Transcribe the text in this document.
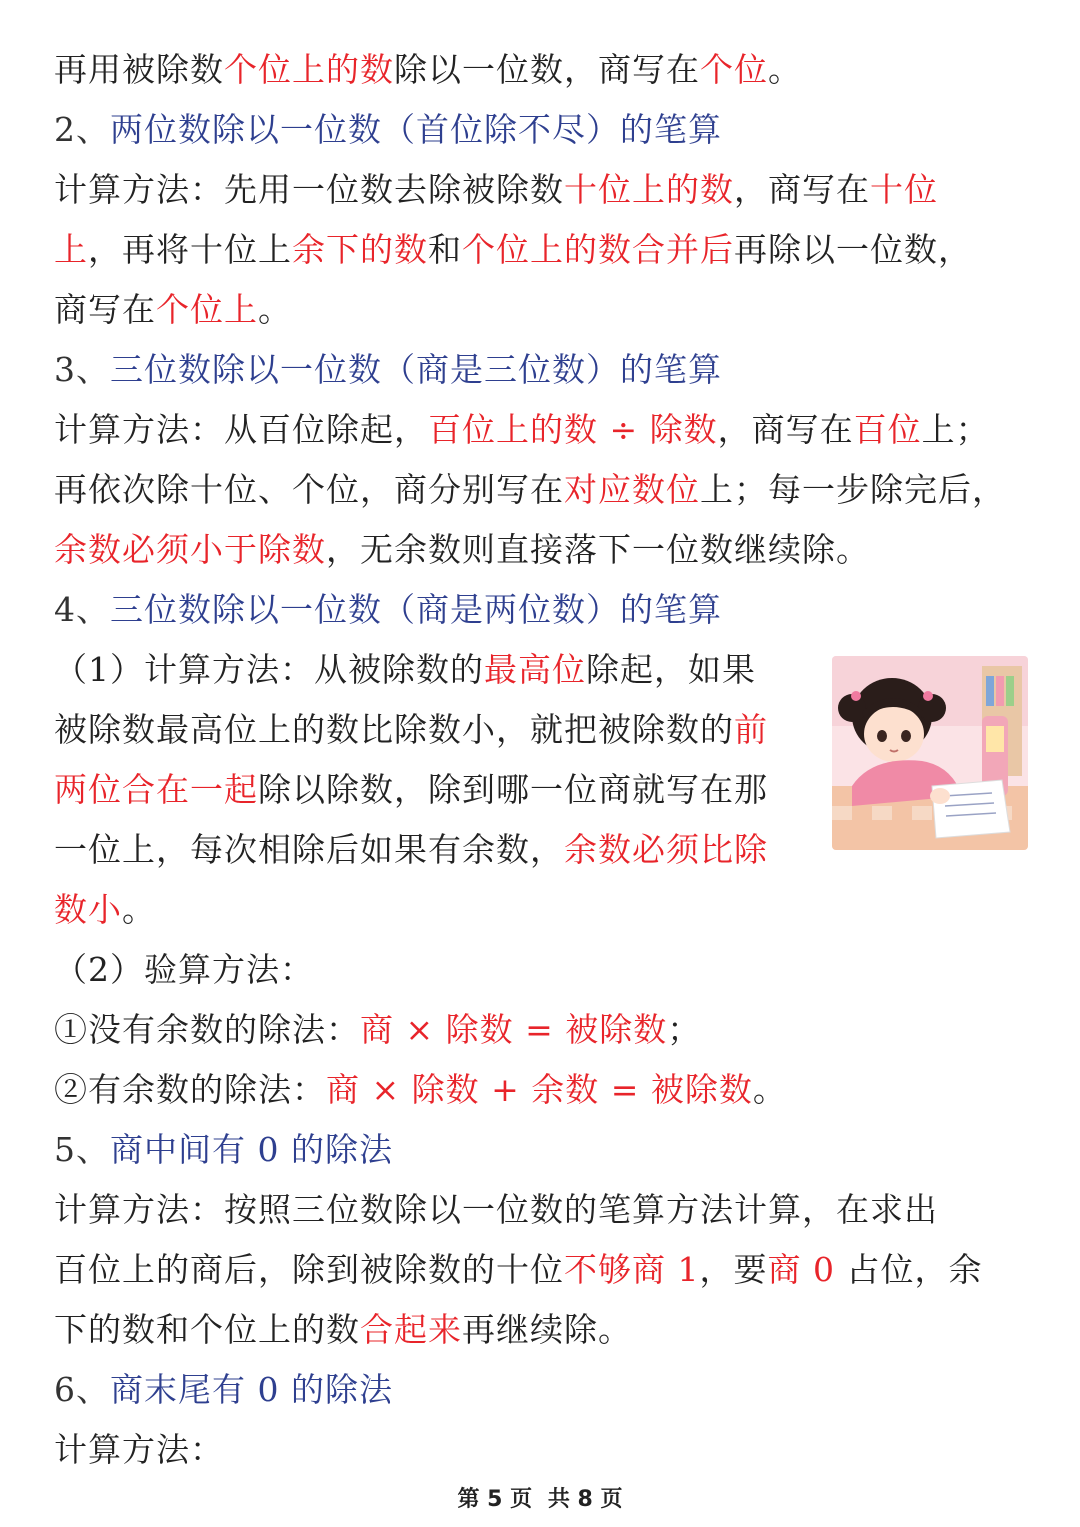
再用被除数个位上的数除以一位数，商写在个位。
2、两位数除以一位数（首位除不尽）的笔算
计算方法：先用一位数去除被除数十位上的数，商写在十位
上，再将十位上余下的数和个位上的数合并后再除以一位数，
商写在个位上。
3、三位数除以一位数（商是三位数）的笔算
计算方法：从百位除起，百位上的数 ÷ 除数，商写在百位上；
再依次除十位、个位，商分别写在对应数位上；每一步除完后，
余数必须小于除数，无余数则直接落下一位数继续除。
4、三位数除以一位数（商是两位数）的笔算
（1）计算方法：从被除数的最高位除起，如果
被除数最高位上的数比除数小，就把被除数的前
两位合在一起除以除数，除到哪一位商就写在那
一位上，每次相除后如果有余数，余数必须比除
数小。
（2）验算方法：
①没有余数的除法：商 × 除数 = 被除数；
②有余数的除法：商 × 除数 + 余数 = 被除数。
5、商中间有 0 的除法
计算方法：按照三位数除以一位数的笔算方法计算，在求出
百位上的商后，除到被除数的十位不够商 1，要商 0 占位，余
下的数和个位上的数合起来再继续除。
6、商末尾有 0 的除法
计算方法：
第 5 页 共 8 页
